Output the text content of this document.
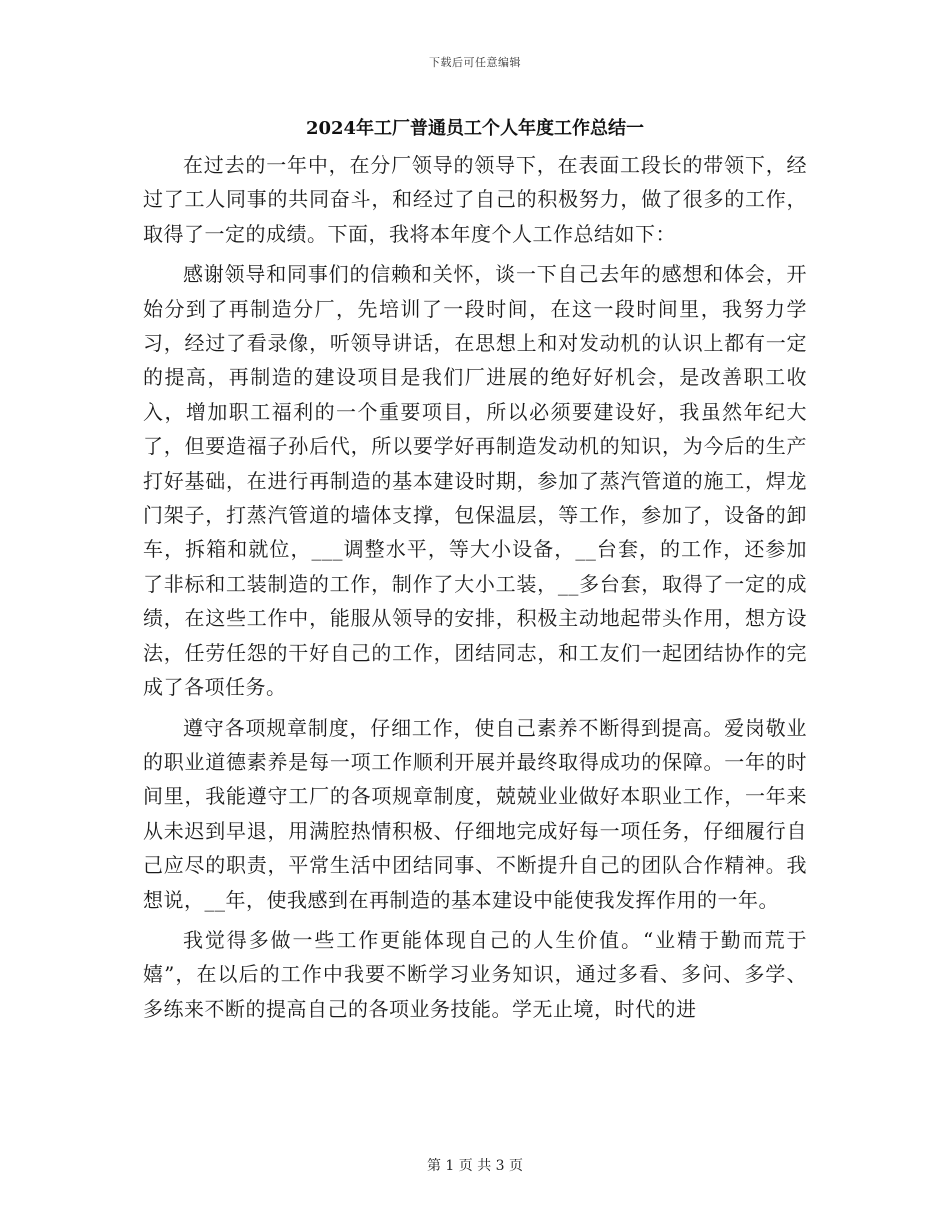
下载后可任意编辑
2024年工厂普通员工个人年度工作总结一

在过去的一年中，在分厂领导的领导下，在表面工段长的带领下，经过了工人同事的共同奋斗，和经过了自己的积极努力，做了很多的工作，取得了一定的成绩。下面，我将本年度个人工作总结如下：

感谢领导和同事们的信赖和关怀，谈一下自己去年的感想和体会，开始分到了再制造分厂，先培训了一段时间，在这一段时间里，我努力学习，经过了看录像，听领导讲话，在思想上和对发动机的认识上都有一定的提高，再制造的建设项目是我们厂进展的绝好好机会，是改善职工收入，增加职工福利的一个重要项目，所以必须要建设好，我虽然年纪大了，但要造福子孙后代，所以要学好再制造发动机的知识，为今后的生产打好基础，在进行再制造的基本建设时期，参加了蒸汽管道的施工，焊龙门架子，打蒸汽管道的墙体支撑，包保温层，等工作，参加了，设备的卸车，拆箱和就位，___调整水平，等大小设备，__台套，的工作，还参加了非标和工装制造的工作，制作了大小工装，__多台套，取得了一定的成绩，在这些工作中，能服从领导的安排，积极主动地起带头作用，想方设法，任劳任怨的干好自己的工作，团结同志，和工友们一起团结协作的完成了各项任务。

遵守各项规章制度，仔细工作，使自己素养不断得到提高。爱岗敬业的职业道德素养是每一项工作顺利开展并最终取得成功的保障。一年的时间里，我能遵守工厂的各项规章制度，兢兢业业做好本职业工作，一年来从未迟到早退，用满腔热情积极、仔细地完成好每一项任务，仔细履行自己应尽的职责，平常生活中团结同事、不断提升自己的团队合作精神。我想说，__年，使我感到在再制造的基本建设中能使我发挥作用的一年。

我觉得多做一些工作更能体现自己的人生价值。“业精于勤而荒于嬉”，在以后的工作中我要不断学习业务知识，通过多看、多问、多学、多练来不断的提高自己的各项业务技能。学无止境，时代的进

第 1 页 共 3 页
